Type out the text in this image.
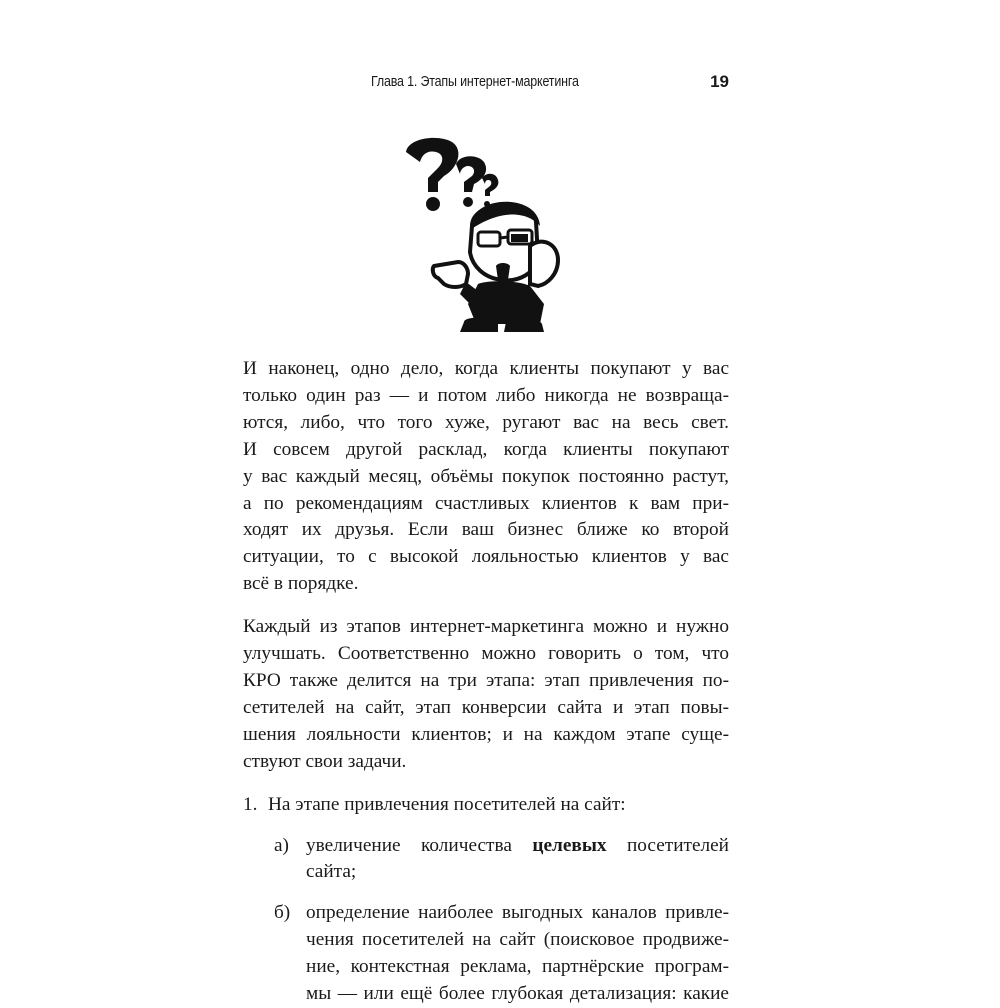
Глава 1. Этапы интернет-маркетинга	19

И наконец, одно дело, когда клиенты покупают у вас
только один раз — и потом либо никогда не возвраща-
ются, либо, что того хуже, ругают вас на весь свет.
И совсем другой расклад, когда клиенты покупают
у вас каждый месяц, объёмы покупок постоянно растут,
а по рекомендациям счастливых клиентов к вам при-
ходят их друзья. Если ваш бизнес ближе ко второй
ситуации, то с высокой лояльностью клиентов у вас
всё в порядке.

Каждый из этапов интернет-маркетинга можно и нужно
улучшать. Соответственно можно говорить о том, что
КРО также делится на три этапа: этап привлечения по-
сетителей на сайт, этап конверсии сайта и этап повы-
шения лояльности клиентов; и на каждом этапе суще-
ствуют свои задачи.

1. На этапе привлечения посетителей на сайт:
а) увеличение количества целевых посетителей
сайта;
б) определение наиболее выгодных каналов привле-
чения посетителей на сайт (поисковое продвиже-
ние, контекстная реклама, партнёрские програм-
мы — или ещё более глубокая детализация: какие
